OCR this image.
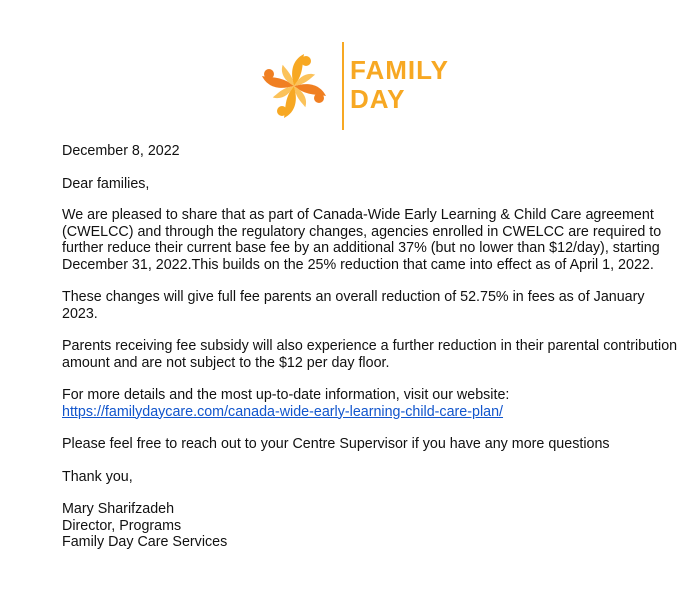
FAMILY
DAY

December 8, 2022

Dear families,

We are pleased to share that as part of Canada-Wide Early Learning & Child Care agreement (CWELCC) and through the regulatory changes, agencies enrolled in CWELCC are required to further reduce their current base fee by an additional 37% (but no lower than $12/day), starting December 31, 2022.This builds on the 25% reduction that came into effect as of April 1, 2022.

These changes will give full fee parents an overall reduction of 52.75% in fees as of January 2023.

Parents receiving fee subsidy will also experience a further reduction in their parental contribution amount and are not subject to the $12 per day floor.

For more details and the most up-to-date information, visit our website:

https://familydaycare.com/canada-wide-early-learning-child-care-plan/

Please feel free to reach out to your Centre Supervisor if you have any more questions

Thank you,

Mary Sharifzadeh

Director, Programs

Family Day Care Services
